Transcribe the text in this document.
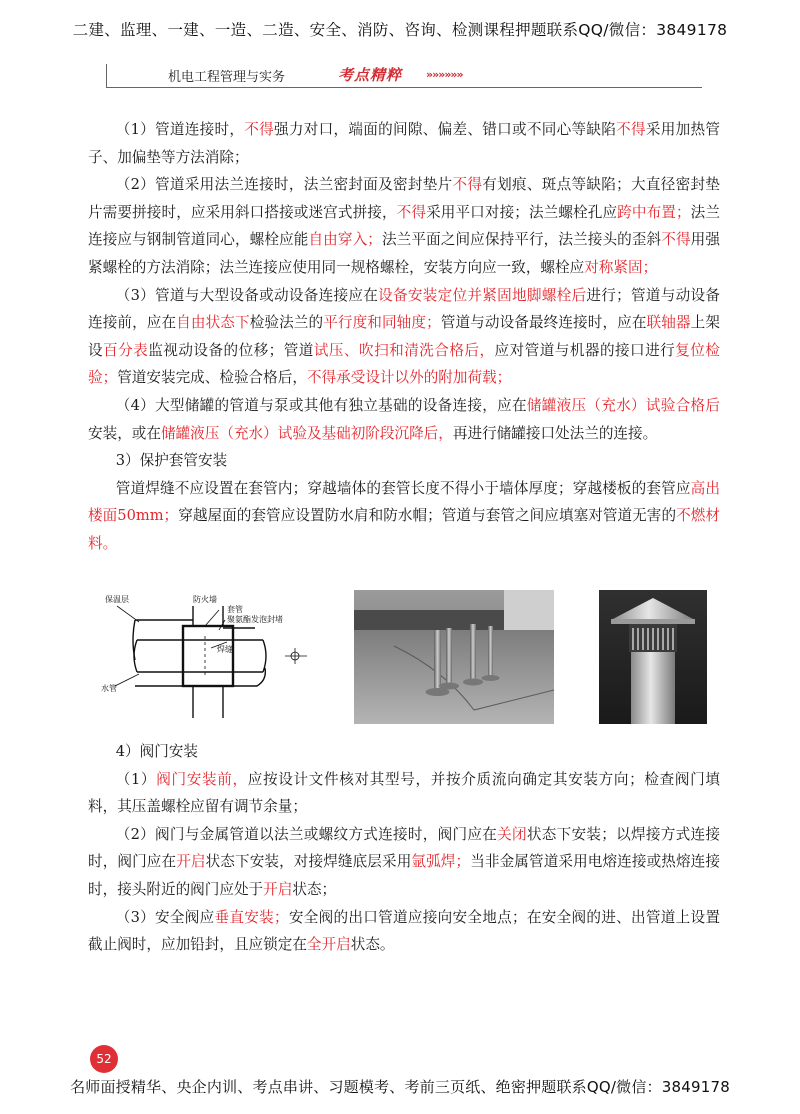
二建、监理、一建、一造、二造、安全、消防、咨询、检测课程押题联系QQ/微信：3849178
机电工程管理与实务	考点精粹 »»»»»»

（1）管道连接时，不得强力对口，端面的间隙、偏差、错口或不同心等缺陷不得采用加热管子、加偏垫等方法消除；

（2）管道采用法兰连接时，法兰密封面及密封垫片不得有划痕、斑点等缺陷；大直径密封垫片需要拼接时，应采用斜口搭接或迷宫式拼接，不得采用平口对接；法兰螺栓孔应跨中布置；法兰连接应与钢制管道同心，螺栓应能自由穿入；法兰平面之间应保持平行，法兰接头的歪斜不得用强紧螺栓的方法消除；法兰连接应使用同一规格螺栓，安装方向应一致，螺栓应对称紧固；

（3）管道与大型设备或动设备连接应在设备安装定位并紧固地脚螺栓后进行；管道与动设备连接前，应在自由状态下检验法兰的平行度和同轴度；管道与动设备最终连接时，应在联轴器上架设百分表监视动设备的位移；管道试压、吹扫和清洗合格后，应对管道与机器的接口进行复位检验；管道安装完成、检验合格后，不得承受设计以外的附加荷载；

（4）大型储罐的管道与泵或其他有独立基础的设备连接，应在储罐液压（充水）试验合格后安装，或在储罐液压（充水）试验及基础初阶段沉降后，再进行储罐接口处法兰的连接。

3）保护套管安装

管道焊缝不应设置在套管内；穿越墙体的套管长度不得小于墙体厚度；穿越楼板的套管应高出楼面50mm；穿越屋面的套管应设置防水肩和防水帽；管道与套管之间应填塞对管道无害的不燃材料。

保温层	防火墙
套管
聚氨酯发泡封堵
焊缝
水管

4）阀门安装

（1）阀门安装前，应按设计文件核对其型号，并按介质流向确定其安装方向；检查阀门填料，其压盖螺栓应留有调节余量；

（2）阀门与金属管道以法兰或螺纹方式连接时，阀门应在关闭状态下安装；以焊接方式连接时，阀门应在开启状态下安装，对接焊缝底层采用氩弧焊；当非金属管道采用电熔连接或热熔连接时，接头附近的阀门应处于开启状态；

（3）安全阀应垂直安装；安全阀的出口管道应接向安全地点；在安全阀的进、出管道上设置截止阀时，应加铅封，且应锁定在全开启状态。

52
名师面授精华、央企内训、考点串讲、习题模考、考前三页纸、绝密押题联系QQ/微信：3849178
